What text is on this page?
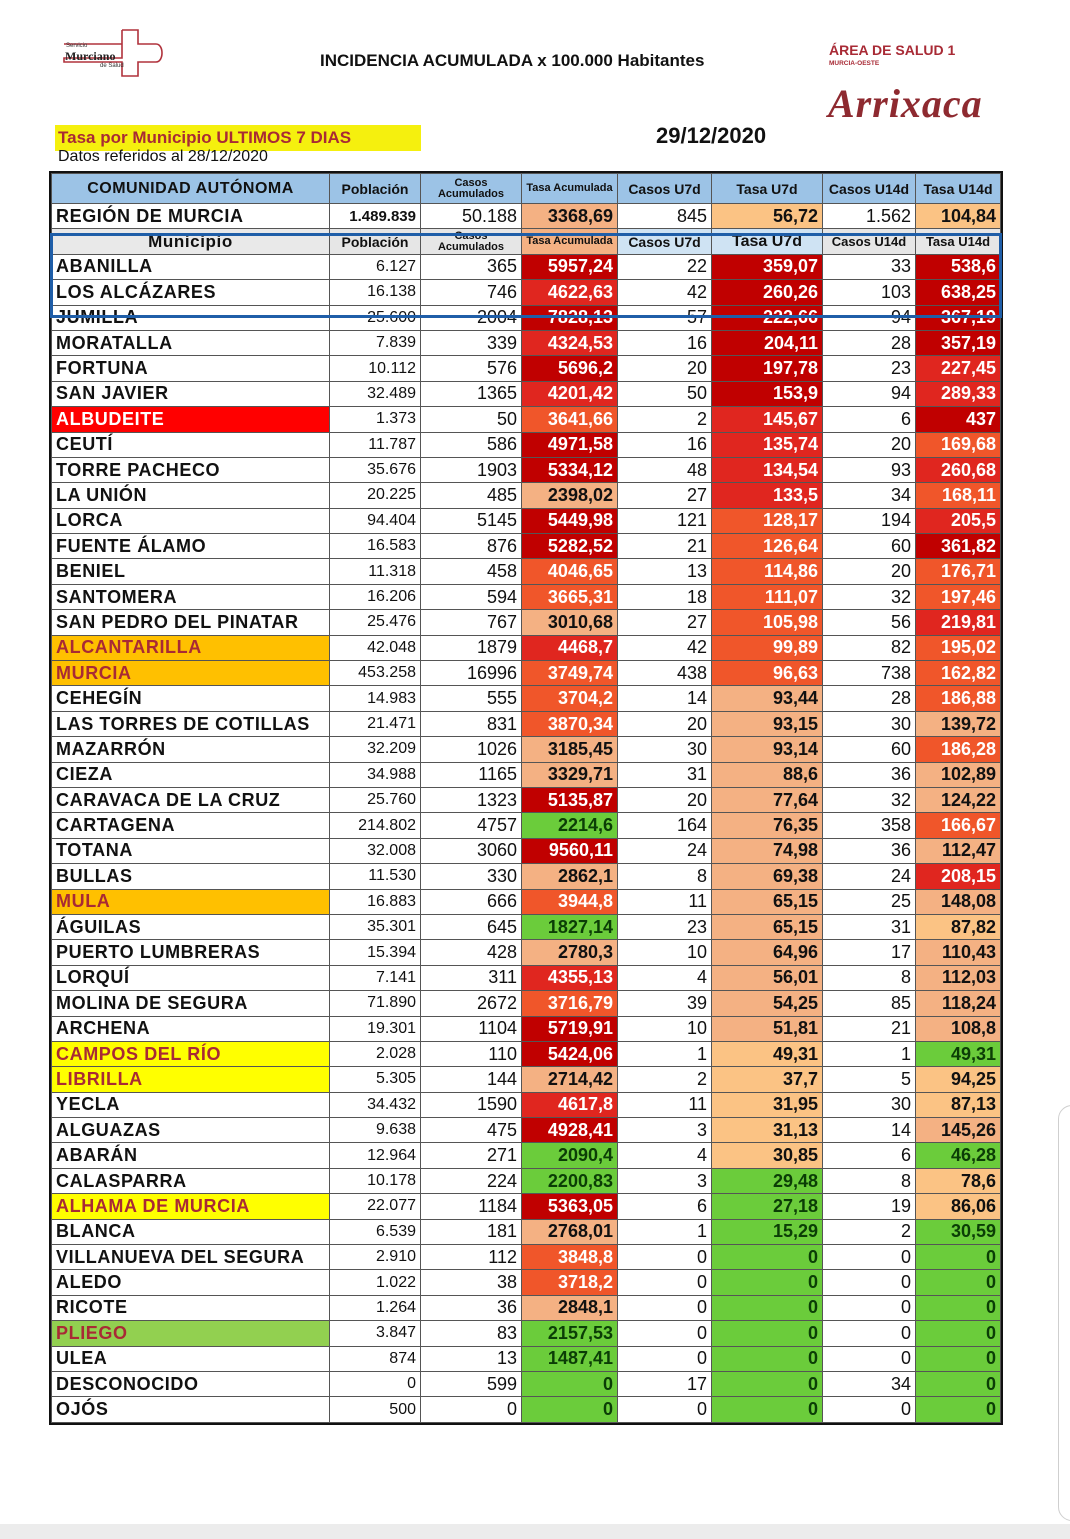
Servicio
Murciano
de Salud	INCIDENCIA ACUMULADA x 100.000 Habitantes
ÁREA DE SALUD 1
MURCIA-OESTE
Arrixaca
Tasa por Municipio ULTIMOS 7 DIAS	29/12/2020
Datos referidos al 28/12/2020
COMUNIDAD AUTÓNOMA	Población	Casos Acumulados	Tasa Acumulada	Casos U7d	Tasa U7d	Casos U14d	Tasa U14d
REGIÓN DE MURCIA	1.489.839	50.188	3368,69	845	56,72	1.562	104,84
Municipio	Población	Casos Acumulados	Tasa Acumulada	Casos U7d	Tasa U7d	Casos U14d	Tasa U14d
ABANILLA	6.127	365	5957,24	22	359,07	33	538,6
LOS ALCÁZARES	16.138	746	4622,63	42	260,26	103	638,25
JUMILLA	25.600	2004	7828,13	57	222,66	94	367,19
MORATALLA	7.839	339	4324,53	16	204,11	28	357,19
FORTUNA	10.112	576	5696,2	20	197,78	23	227,45
SAN JAVIER	32.489	1365	4201,42	50	153,9	94	289,33
ALBUDEITE	1.373	50	3641,66	2	145,67	6	437
CEUTÍ	11.787	586	4971,58	16	135,74	20	169,68
TORRE PACHECO	35.676	1903	5334,12	48	134,54	93	260,68
LA UNIÓN	20.225	485	2398,02	27	133,5	34	168,11
LORCA	94.404	5145	5449,98	121	128,17	194	205,5
FUENTE ÁLAMO	16.583	876	5282,52	21	126,64	60	361,82
BENIEL	11.318	458	4046,65	13	114,86	20	176,71
SANTOMERA	16.206	594	3665,31	18	111,07	32	197,46
SAN PEDRO DEL PINATAR	25.476	767	3010,68	27	105,98	56	219,81
ALCANTARILLA	42.048	1879	4468,7	42	99,89	82	195,02
MURCIA	453.258	16996	3749,74	438	96,63	738	162,82
CEHEGÍN	14.983	555	3704,2	14	93,44	28	186,88
LAS TORRES DE COTILLAS	21.471	831	3870,34	20	93,15	30	139,72
MAZARRÓN	32.209	1026	3185,45	30	93,14	60	186,28
CIEZA	34.988	1165	3329,71	31	88,6	36	102,89
CARAVACA DE LA CRUZ	25.760	1323	5135,87	20	77,64	32	124,22
CARTAGENA	214.802	4757	2214,6	164	76,35	358	166,67
TOTANA	32.008	3060	9560,11	24	74,98	36	112,47
BULLAS	11.530	330	2862,1	8	69,38	24	208,15
MULA	16.883	666	3944,8	11	65,15	25	148,08
ÁGUILAS	35.301	645	1827,14	23	65,15	31	87,82
PUERTO LUMBRERAS	15.394	428	2780,3	10	64,96	17	110,43
LORQUÍ	7.141	311	4355,13	4	56,01	8	112,03
MOLINA DE SEGURA	71.890	2672	3716,79	39	54,25	85	118,24
ARCHENA	19.301	1104	5719,91	10	51,81	21	108,8
CAMPOS DEL RÍO	2.028	110	5424,06	1	49,31	1	49,31
LIBRILLA	5.305	144	2714,42	2	37,7	5	94,25
YECLA	34.432	1590	4617,8	11	31,95	30	87,13
ALGUAZAS	9.638	475	4928,41	3	31,13	14	145,26
ABARÁN	12.964	271	2090,4	4	30,85	6	46,28
CALASPARRA	10.178	224	2200,83	3	29,48	8	78,6
ALHAMA DE MURCIA	22.077	1184	5363,05	6	27,18	19	86,06
BLANCA	6.539	181	2768,01	1	15,29	2	30,59
VILLANUEVA DEL SEGURA	2.910	112	3848,8	0	0	0	0
ALEDO	1.022	38	3718,2	0	0	0	0
RICOTE	1.264	36	2848,1	0	0	0	0
PLIEGO	3.847	83	2157,53	0	0	0	0
ULEA	874	13	1487,41	0	0	0	0
DESCONOCIDO	0	599	0	17	0	34	0
OJÓS	500	0	0	0	0	0	0
